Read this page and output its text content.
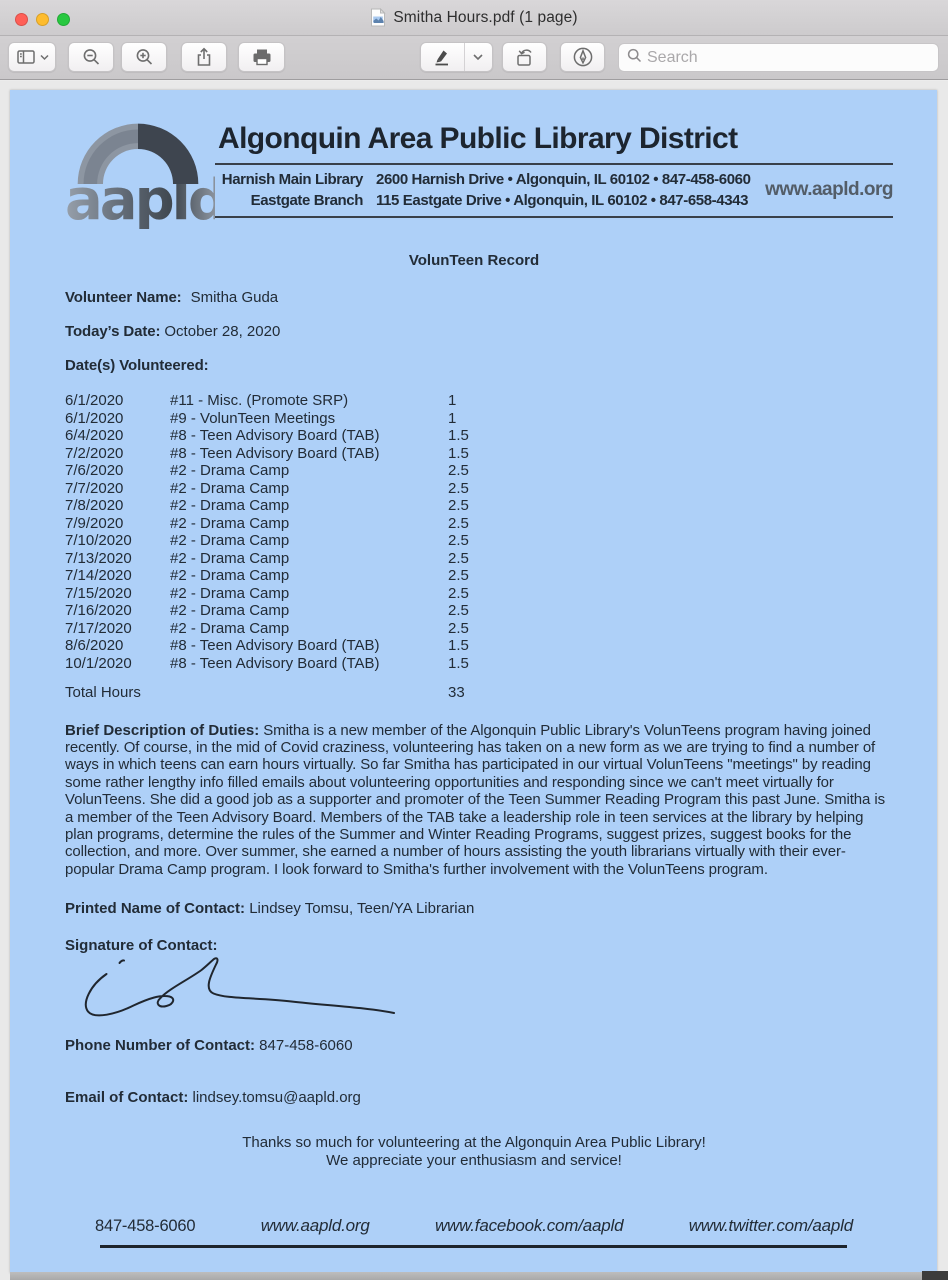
Smitha Hours.pdf (1 page)
Search
aapld
Algonquin Area Public Library District
Harnish Main Library 2600 Harnish Drive • Algonquin, IL 60102 • 847-458-6060
Eastgate Branch 115 Eastgate Drive • Algonquin, IL 60102 • 847-658-4343
www.aapld.org
VolunTeen Record
Volunteer Name: Smitha Guda
Today’s Date: October 28, 2020
Date(s) Volunteered:
6/1/2020	#11 - Misc. (Promote SRP)	1
6/1/2020	#9 - VolunTeen Meetings	1
6/4/2020	#8 - Teen Advisory Board (TAB)	1.5
7/2/2020	#8 - Teen Advisory Board (TAB)	1.5
7/6/2020	#2 - Drama Camp	2.5
7/7/2020	#2 - Drama Camp	2.5
7/8/2020	#2 - Drama Camp	2.5
7/9/2020	#2 - Drama Camp	2.5
7/10/2020	#2 - Drama Camp	2.5
7/13/2020	#2 - Drama Camp	2.5
7/14/2020	#2 - Drama Camp	2.5
7/15/2020	#2 - Drama Camp	2.5
7/16/2020	#2 - Drama Camp	2.5
7/17/2020	#2 - Drama Camp	2.5
8/6/2020	#8 - Teen Advisory Board (TAB)	1.5
10/1/2020	#8 - Teen Advisory Board (TAB)	1.5
Total Hours	33
Brief Description of Duties: Smitha is a new member of the Algonquin Public Library's VolunTeens program having joined recently. Of course, in the mid of Covid craziness, volunteering has taken on a new form as we are trying to find a number of ways in which teens can earn hours virtually. So far Smitha has participated in our virtual VolunTeens "meetings" by reading some rather lengthy info filled emails about volunteering opportunities and responding since we can't meet virtually for VolunTeens. She did a good job as a supporter and promoter of the Teen Summer Reading Program this past June. Smitha is a member of the Teen Advisory Board. Members of the TAB take a leadership role in teen services at the library by helping plan programs, determine the rules of the Summer and Winter Reading Programs, suggest prizes, suggest books for the collection, and more. Over summer, she earned a number of hours assisting the youth librarians virtually with their ever-popular Drama Camp program. I look forward to Smitha's further involvement with the VolunTeens program.
Printed Name of Contact: Lindsey Tomsu, Teen/YA Librarian
Signature of Contact:
Phone Number of Contact: 847-458-6060
Email of Contact: lindsey.tomsu@aapld.org
Thanks so much for volunteering at the Algonquin Area Public Library!
We appreciate your enthusiasm and service!
847-458-6060	www.aapld.org	www.facebook.com/aapld	www.twitter.com/aapld
